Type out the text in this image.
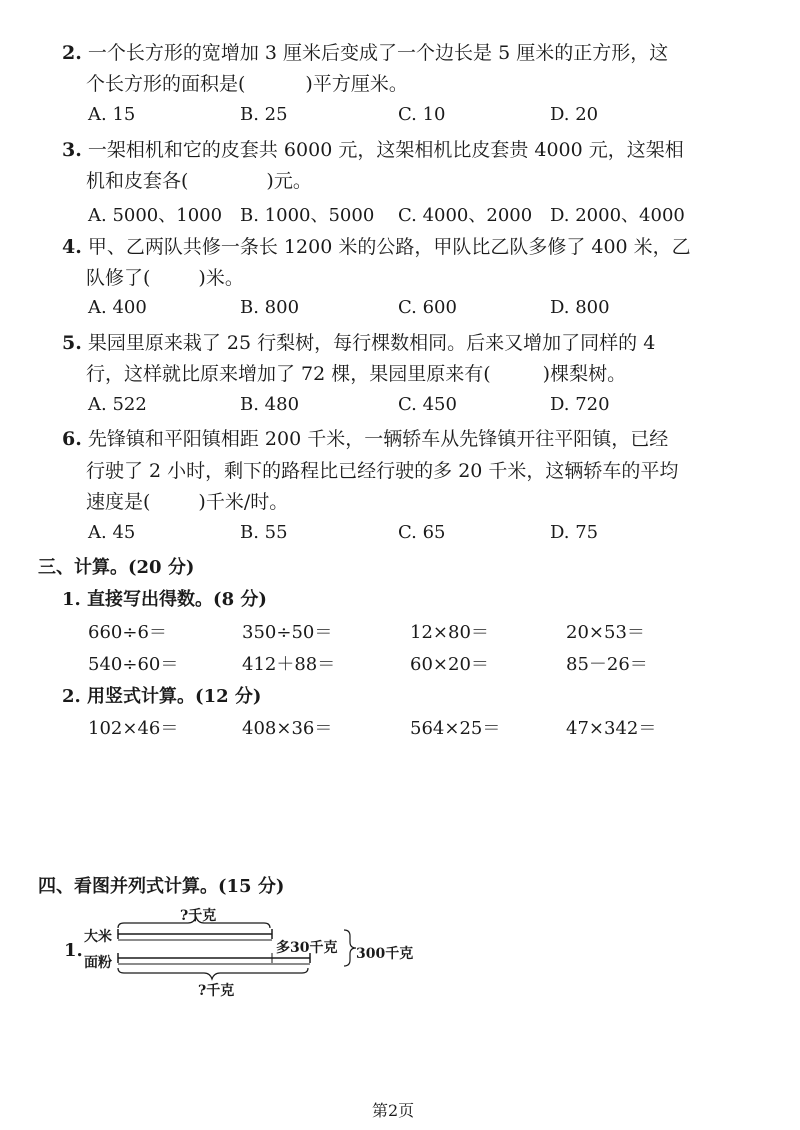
2. 一个长方形的宽增加 3 厘米后变成了一个边长是 5 厘米的正方形，这
个长方形的面积是(	)平方厘米。
A. 15	B. 25	C. 10	D. 20
3. 一架相机和它的皮套共 6000 元，这架相机比皮套贵 4000 元，这架相
机和皮套各(	)元。
A. 5000、1000 B. 1000、5000 C. 4000、2000 D. 2000、4000
4. 甲、乙两队共修一条长 1200 米的公路，甲队比乙队多修了 400 米，乙
队修了(	)米。
A. 400	B. 800	C. 600	D. 800
5. 果园里原来栽了 25 行梨树，每行棵数相同。后来又增加了同样的 4
行，这样就比原来增加了 72 棵，果园里原来有(	)棵梨树。
A. 522	B. 480	C. 450	D. 720
6. 先锋镇和平阳镇相距 200 千米，一辆轿车从先锋镇开往平阳镇，已经
行驶了 2 小时，剩下的路程比已经行驶的多 20 千米，这辆轿车的平均
速度是(	)千米/时。
A. 45	B. 55	C. 65	D. 75
三、计算。(20 分)
1. 直接写出得数。(8 分)
660÷6＝	350÷50＝	12×80＝	20×53＝
540÷60＝	412＋88＝	60×20＝	85－26＝
2. 用竖式计算。(12 分)
102×46＝	408×36＝	564×25＝	47×342＝
四、看图并列式计算。(15 分)
1.
?千克
大米
面粉
多30千克 300千克
?千克
第2页
